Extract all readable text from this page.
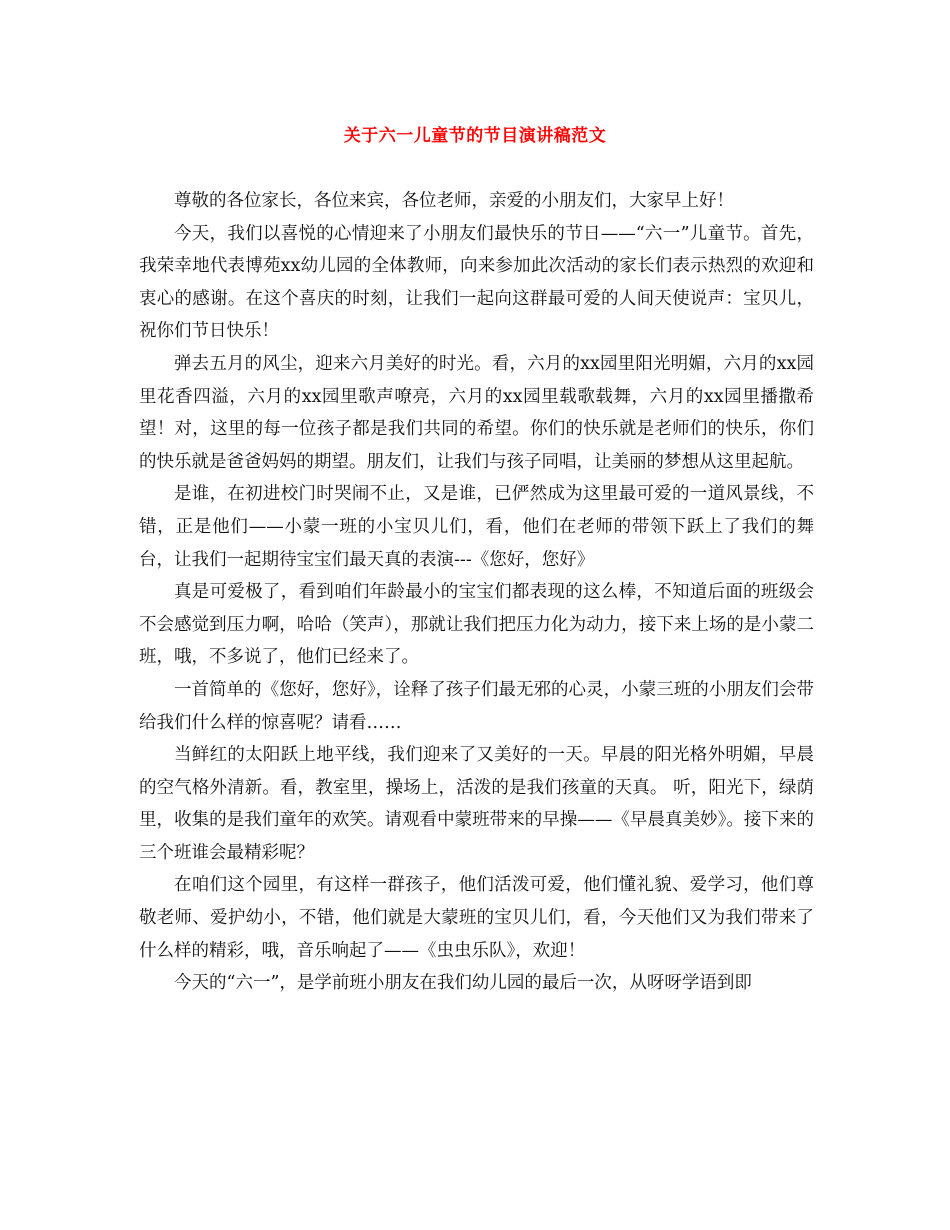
关于六一儿童节的节目演讲稿范文

尊敬的各位家长，各位来宾，各位老师，亲爱的小朋友们，大家早上好！

今天，我们以喜悦的心情迎来了小朋友们最快乐的节日——“六一”儿童节。首先，我荣幸地代表博苑xx幼儿园的全体教师，向来参加此次活动的家长们表示热烈的欢迎和衷心的感谢。在这个喜庆的时刻，让我们一起向这群最可爱的人间天使说声：宝贝儿，祝你们节日快乐！

弹去五月的风尘，迎来六月美好的时光。看，六月的xx园里阳光明媚，六月的xx园里花香四溢，六月的xx园里歌声嘹亮，六月的xx园里载歌载舞，六月的xx园里播撒希望！对，这里的每一位孩子都是我们共同的希望。你们的快乐就是老师们的快乐，你们的快乐就是爸爸妈妈的期望。朋友们，让我们与孩子同唱，让美丽的梦想从这里起航。

是谁，在初进校门时哭闹不止，又是谁，已俨然成为这里最可爱的一道风景线，不错，正是他们——小蒙一班的小宝贝儿们，看，他们在老师的带领下跃上了我们的舞台，让我们一起期待宝宝们最天真的表演---《您好，您好》

真是可爱极了，看到咱们年龄最小的宝宝们都表现的这么棒，不知道后面的班级会不会感觉到压力啊，哈哈（笑声），那就让我们把压力化为动力，接下来上场的是小蒙二班，哦，不多说了，他们已经来了。

一首简单的《您好，您好》，诠释了孩子们最无邪的心灵，小蒙三班的小朋友们会带给我们什么样的惊喜呢？请看……

当鲜红的太阳跃上地平线，我们迎来了又美好的一天。早晨的阳光格外明媚，早晨的空气格外清新。看，教室里，操场上，活泼的是我们孩童的天真。 听，阳光下，绿荫里，收集的是我们童年的欢笑。请观看中蒙班带来的早操——《早晨真美妙》。接下来的三个班谁会最精彩呢？

在咱们这个园里，有这样一群孩子，他们活泼可爱，他们懂礼貌、爱学习，他们尊敬老师、爱护幼小，不错，他们就是大蒙班的宝贝儿们，看，今天他们又为我们带来了什么样的精彩，哦，音乐响起了——《虫虫乐队》，欢迎！

今天的“六一”，是学前班小朋友在我们幼儿园的最后一次，从呀呀学语到即
